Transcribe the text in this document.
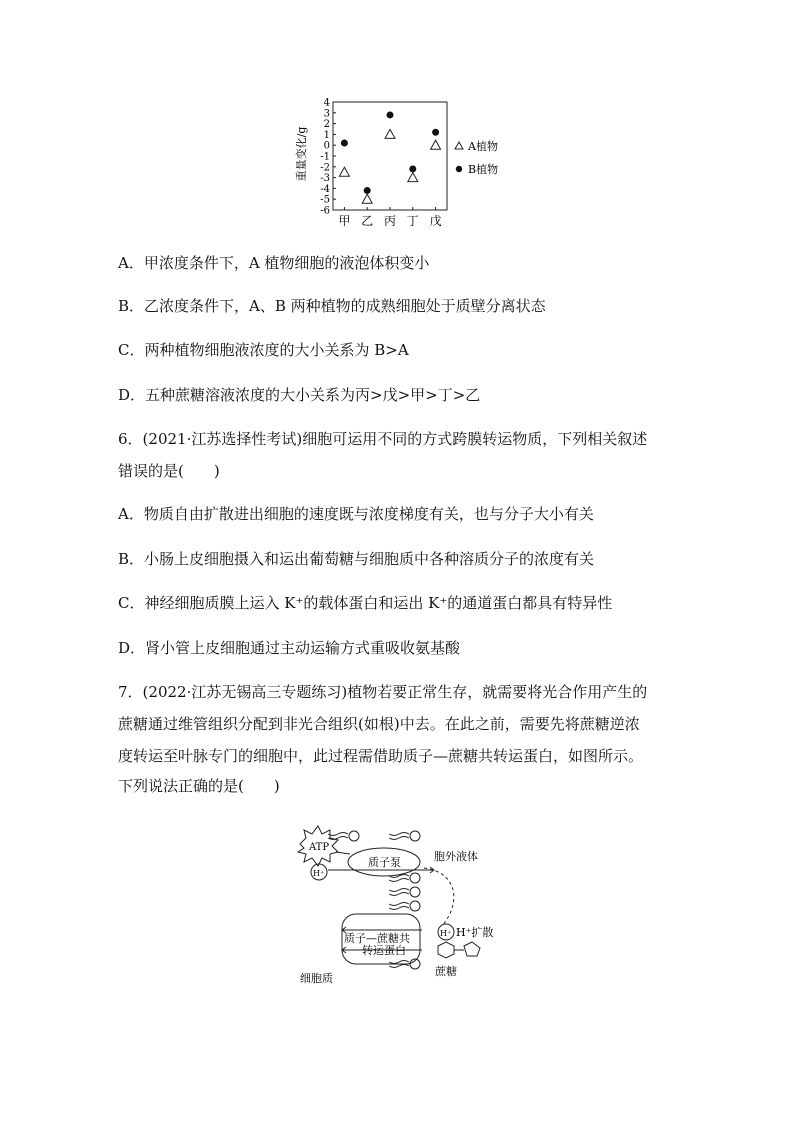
重量变化/g
4
3
2
1
0
-1
-2
-3
-4
-5
-6
甲 乙 丙 丁 戊
A植物
B植物
A．甲浓度条件下，A 植物细胞的液泡体积变小
B．乙浓度条件下，A、B 两种植物的成熟细胞处于质壁分离状态
C．两种植物细胞液浓度的大小关系为 B>A
D．五种蔗糖溶液浓度的大小关系为丙>戊>甲>丁>乙
6．(2021·江苏选择性考试)细胞可运用不同的方式跨膜转运物质，下列相关叙述
错误的是(　　)
A．物质自由扩散进出细胞的速度既与浓度梯度有关，也与分子大小有关
B．小肠上皮细胞摄入和运出葡萄糖与细胞质中各种溶质分子的浓度有关
C．神经细胞质膜上运入 K⁺的载体蛋白和运出 K⁺的通道蛋白都具有特异性
D．肾小管上皮细胞通过主动运输方式重吸收氨基酸
7．(2022·江苏无锡高三专题练习)植物若要正常生存，就需要将光合作用产生的
蔗糖通过维管组织分配到非光合组织(如根)中去。在此之前，需要先将蔗糖逆浓
度转运至叶脉专门的细胞中，此过程需借助质子—蔗糖共转运蛋白，如图所示。
下列说法正确的是(　　)
ATP
H⁺
质子泵	胞外液体
H⁺ H⁺扩散
质子—蔗糖共
转运蛋白
细胞质
蔗糖
